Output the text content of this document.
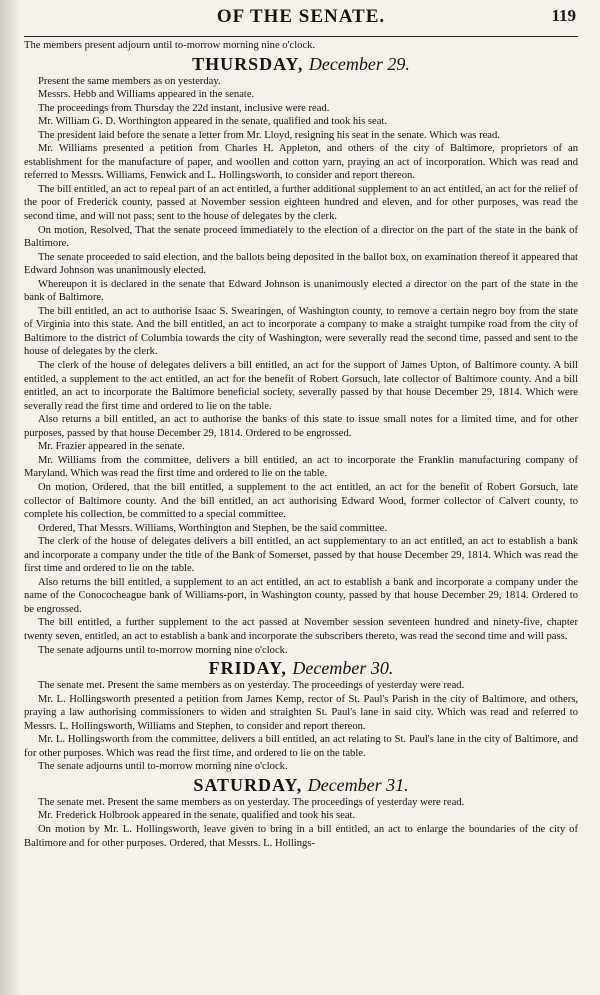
OF THE SENATE.	119

The members present adjourn until to-morrow morning nine o'clock.

THURSDAY, December 29.

Present the same members as on yesterday.

Messrs. Hebb and Williams appeared in the senate.

The proceedings from Thursday the 22d instant, inclusive were read.

Mr. William G. D. Worthington appeared in the senate, qualified and took his seat.

The president laid before the senate a letter from Mr. Lloyd, resigning his seat in the senate. Which was read.

Mr. Williams presented a petition from Charles H. Appleton, and others of the city of Baltimore, proprietors of an establishment for the manufacture of paper, and woollen and cotton yarn, praying an act of incorporation. Which was read and referred to Messrs. Williams, Fenwick and L. Hollingsworth, to consider and report thereon.

The bill entitled, an act to repeal part of an act entitled, a further additional supplement to an act entitled, an act for the relief of the poor of Frederick county, passed at November session eighteen hundred and eleven, and for other purposes, was read the second time, and will not pass; sent to the house of delegates by the clerk.

On motion, Resolved, That the senate proceed immediately to the election of a director on the part of the state in the bank of Baltimore.

The senate proceeded to said election, and the ballots being deposited in the ballot box, on examination thereof it appeared that Edward Johnson was unanimously elected.

Whereupon it is declared in the senate that Edward Johnson is unanimously elected a director on the part of the state in the bank of Baltimore.

The bill entitled, an act to authorise Isaac S. Swearingen, of Washington county, to remove a certain negro boy from the state of Virginia into this state. And the bill entitled, an act to incorporate a company to make a straight turnpike road from the city of Baltimore to the district of Columbia towards the city of Washington, were severally read the second time, passed and sent to the house of delegates by the clerk.

The clerk of the house of delegates delivers a bill entitled, an act for the support of James Upton, of Baltimore county. A bill entitled, a supplement to the act entitled, an act for the benefit of Robert Gorsuch, late collector of Baltimore county. And a bill entitled, an act to incorporate the Baltimore beneficial society, severally passed by that house December 29, 1814. Which were severally read the first time and ordered to lie on the table.

Also returns a bill entitled, an act to authorise the banks of this state to issue small notes for a limited time, and for other purposes, passed by that house December 29, 1814. Ordered to be engrossed.

Mr. Frazier appeared in the senate.

Mr. Williams from the committee, delivers a bill entitled, an act to incorporate the Franklin manufacturing company of Maryland. Which was read the first time and ordered to lie on the table.

On motion, Ordered, that the bill entitled, a supplement to the act entitled, an act for the benefit of Robert Gorsuch, late collector of Baltimore county. And the bill entitled, an act authorising Edward Wood, former collector of Calvert county, to complete his collection, be committed to a special committee.

Ordered, That Messrs. Williams, Worthington and Stephen, be the said committee.

The clerk of the house of delegates delivers a bill entitled, an act supplementary to an act entitled, an act to establish a bank and incorporate a company under the title of the Bank of Somerset, passed by that house December 29, 1814. Which was read the first time and ordered to lie on the table.

Also returns the bill entitled, a supplement to an act entitled, an act to establish a bank and incorporate a company under the name of the Conococheague bank of Williams-port, in Washington county, passed by that house December 29, 1814. Ordered to be engrossed.

The bill entitled, a further supplement to the act passed at November session seventeen hundred and ninety-five, chapter twenty seven, entitled, an act to establish a bank and incorporate the subscribers thereto, was read the second time and will pass.

The senate adjourns until to-morrow morning nine o'clock.

FRIDAY, December 30.

The senate met. Present the same members as on yesterday. The proceedings of yesterday were read.

Mr. L. Hollingsworth presented a petition from James Kemp, rector of St. Paul's Parish in the city of Baltimore, and others, praying a law authorising commissioners to widen and straighten St. Paul's lane in said city. Which was read and referred to Messrs. L. Hollingsworth, Williams and Stephen, to consider and report thereon.

Mr. L. Hollingsworth from the committee, delivers a bill entitled, an act relating to St. Paul's lane in the city of Baltimore, and for other purposes. Which was read the first time, and ordered to lie on the table.

The senate adjourns until to-morrow morning nine o'clock.

SATURDAY, December 31.

The senate met. Present the same members as on yesterday. The proceedings of yesterday were read.

Mr. Frederick Holbrook appeared in the senate, qualified and took his seat.

On motion by Mr. L. Hollingsworth, leave given to bring in a bill entitled, an act to enlarge the boundaries of the city of Baltimore and for other purposes. Ordered, that Messrs. L. Hollings-
